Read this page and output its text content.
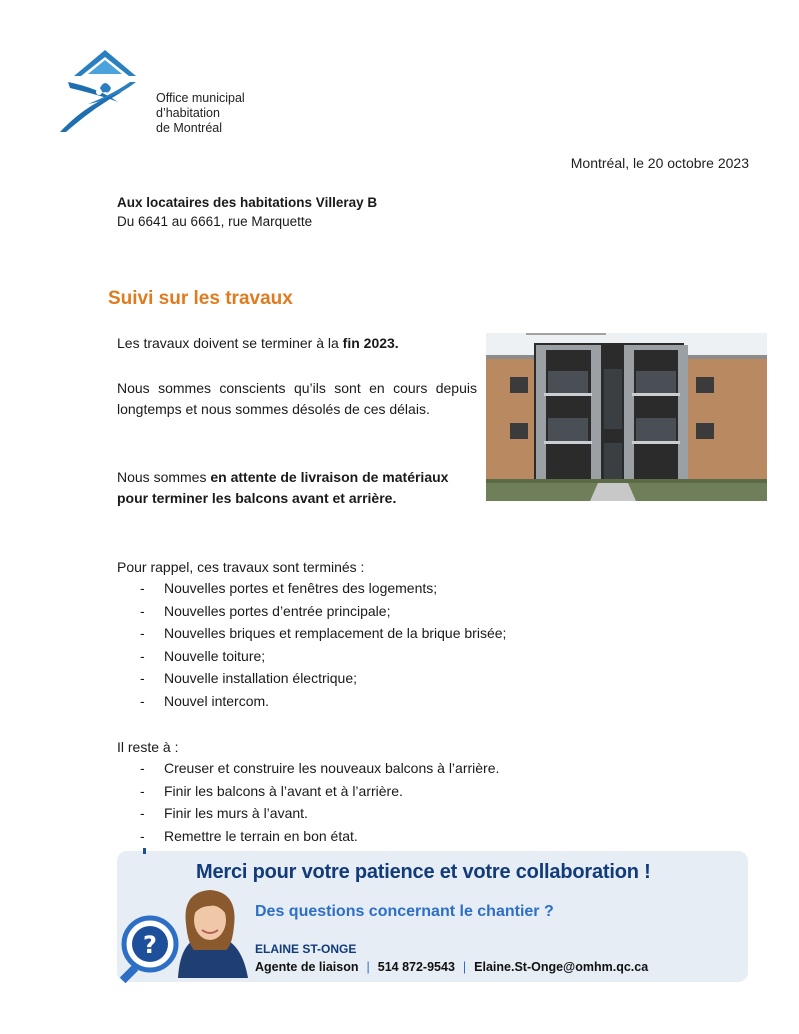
Office municipal
d’habitation
de Montréal
Montréal, le 20 octobre 2023
Aux locataires des habitations Villeray B
Du 6641 au 6661, rue Marquette
Suivi sur les travaux
Les travaux doivent se terminer à la fin 2023.
Nous sommes conscients qu’ils sont en cours depuis longtemps et nous sommes désolés de ces délais.
Nous sommes en attente de livraison de matériaux pour terminer les balcons avant et arrière.
Pour rappel, ces travaux sont terminés :
- Nouvelles portes et fenêtres des logements;
- Nouvelles portes d’entrée principale;
- Nouvelles briques et remplacement de la brique brisée;
- Nouvelle toiture;
- Nouvelle installation électrique;
- Nouvel intercom.
Il reste à :
- Creuser et construire les nouveaux balcons à l’arrière.
- Finir les balcons à l’avant et à l’arrière.
- Finir les murs à l’avant.
- Remettre le terrain en bon état.
Merci pour votre patience et votre collaboration !
Des questions concernant le chantier ?
?	ELAINE ST-ONGE
Agente de liaison | 514 872-9543 | Elaine.St-Onge@omhm.qc.ca
